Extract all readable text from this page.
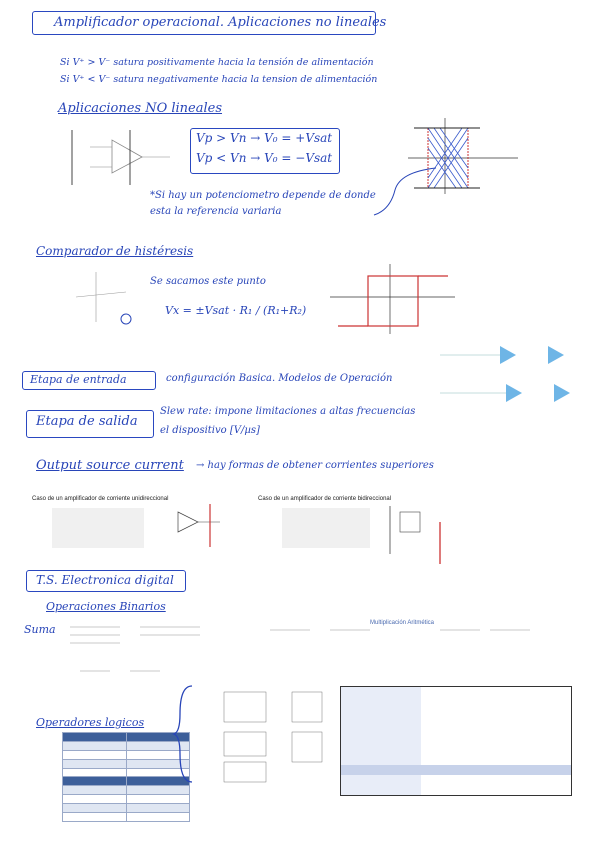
Amplificador operacional. Aplicaciones no lineales
Si V⁺ > V⁻ satura positivamente hacia la tensión de alimentación
Si V⁺ < V⁻ satura negativamente hacia la tension de alimentación
Aplicaciones NO lineales
Vp > Vn → V₀ = +Vsat
Vp < Vn → V₀ = −Vsat
*Si hay un potenciometro depende de donde esta la referencia variaria
Comparador de histéresis
Se sacamos este punto
Vx = ±Vsat · R₁ / (R₁+R₂)
Etapa de entrada	configuración Basica. Modelos de Operación
Etapa de salida
Slew rate: impone limitaciones a altas frecuencias
el dispositivo [V/µs]
Output source current → hay formas de obtener corrientes superiores
Caso de un amplificador de corriente unidireccional	Caso de un amplificador de corriente bidireccional
T.S. Electronica digital
Operaciones Binarios
Suma	Multiplicación Aritmética
Operadores logicos
